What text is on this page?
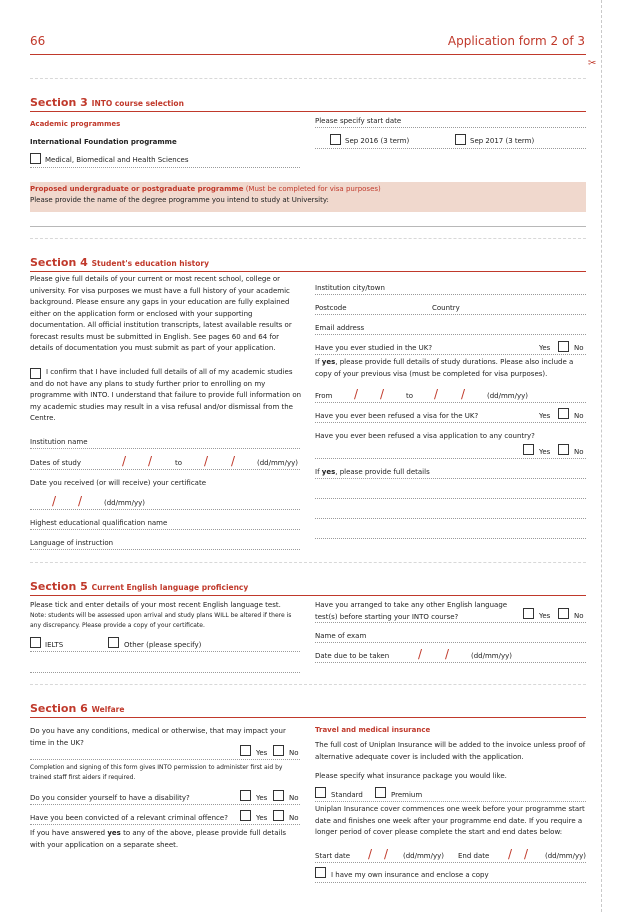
66	Application form 2 of 3
✂
Section 3 INTO course selection
Academic programmes
International Foundation programme
Medical, Biomedical and Health Sciences
Please specify start date
Sep 2016 (3 term)	Sep 2017 (3 term)
Proposed undergraduate or postgraduate programme (Must be completed for visa purposes)
Please provide the name of the degree programme you intend to study at University:
Section 4 Student's education history
Please give full details of your current or most recent school, college or university. For visa purposes we must have a full history of your academic background. Please ensure any gaps in your education are fully explained either on the application form or enclosed with your supporting documentation. All official institution transcripts, latest available results or forecast results must be submitted in English. See pages 60 and 64 for details of documentation you must submit as part of your application.
I confirm that I have included full details of all of my academic studies and do not have any plans to study further prior to enrolling on my programme with INTO. I understand that failure to provide full information on my academic studies may result in a visa refusal and/or dismissal from the Centre.
Institution name
Dates of study	/ /	to / /	(dd/mm/yy)
Date you received (or will receive) your certificate
/ /	(dd/mm/yy)
Highest educational qualification name
Language of instruction
Institution city/town
Postcode	Country
Email address
Have you ever studied in the UK?	Yes	No
If yes, please provide full details of study durations. Please also include a copy of your previous visa (must be completed for visa purposes).
From / /	to / /	(dd/mm/yy)
Have you ever been refused a visa for the UK?	Yes	No
Have you ever been refused a visa application to any country?
Yes	No
If yes, please provide full details
Section 5 Current English language proficiency
Please tick and enter details of your most recent English language test.
Note: students will be assessed upon arrival and study plans WILL be altered if there is any discrepancy. Please provide a copy of your certificate.
IELTS	Other (please specify)
Have you arranged to take any other English language test(s) before starting your INTO course?	Yes	No
Name of exam
Date due to be taken / /	(dd/mm/yy)
Section 6 Welfare
Do you have any conditions, medical or otherwise, that may impact your time in the UK?
Yes	No
Completion and signing of this form gives INTO permission to administer first aid by trained staff first aiders if required.
Do you consider yourself to have a disability?	Yes	No
Have you been convicted of a relevant criminal offence?	Yes	No
If you have answered yes to any of the above, please provide full details with your application on a separate sheet.
Travel and medical insurance
The full cost of Uniplan Insurance will be added to the invoice unless proof of alternative adequate cover is included with the application.
Please specify what insurance package you would like.
Standard	Premium
Uniplan Insurance cover commences one week before your programme start date and finishes one week after your programme end date. If you require a longer period of cover please complete the start and end dates below:
Start date / / (dd/mm/yy) End date / / (dd/mm/yy)
I have my own insurance and enclose a copy
